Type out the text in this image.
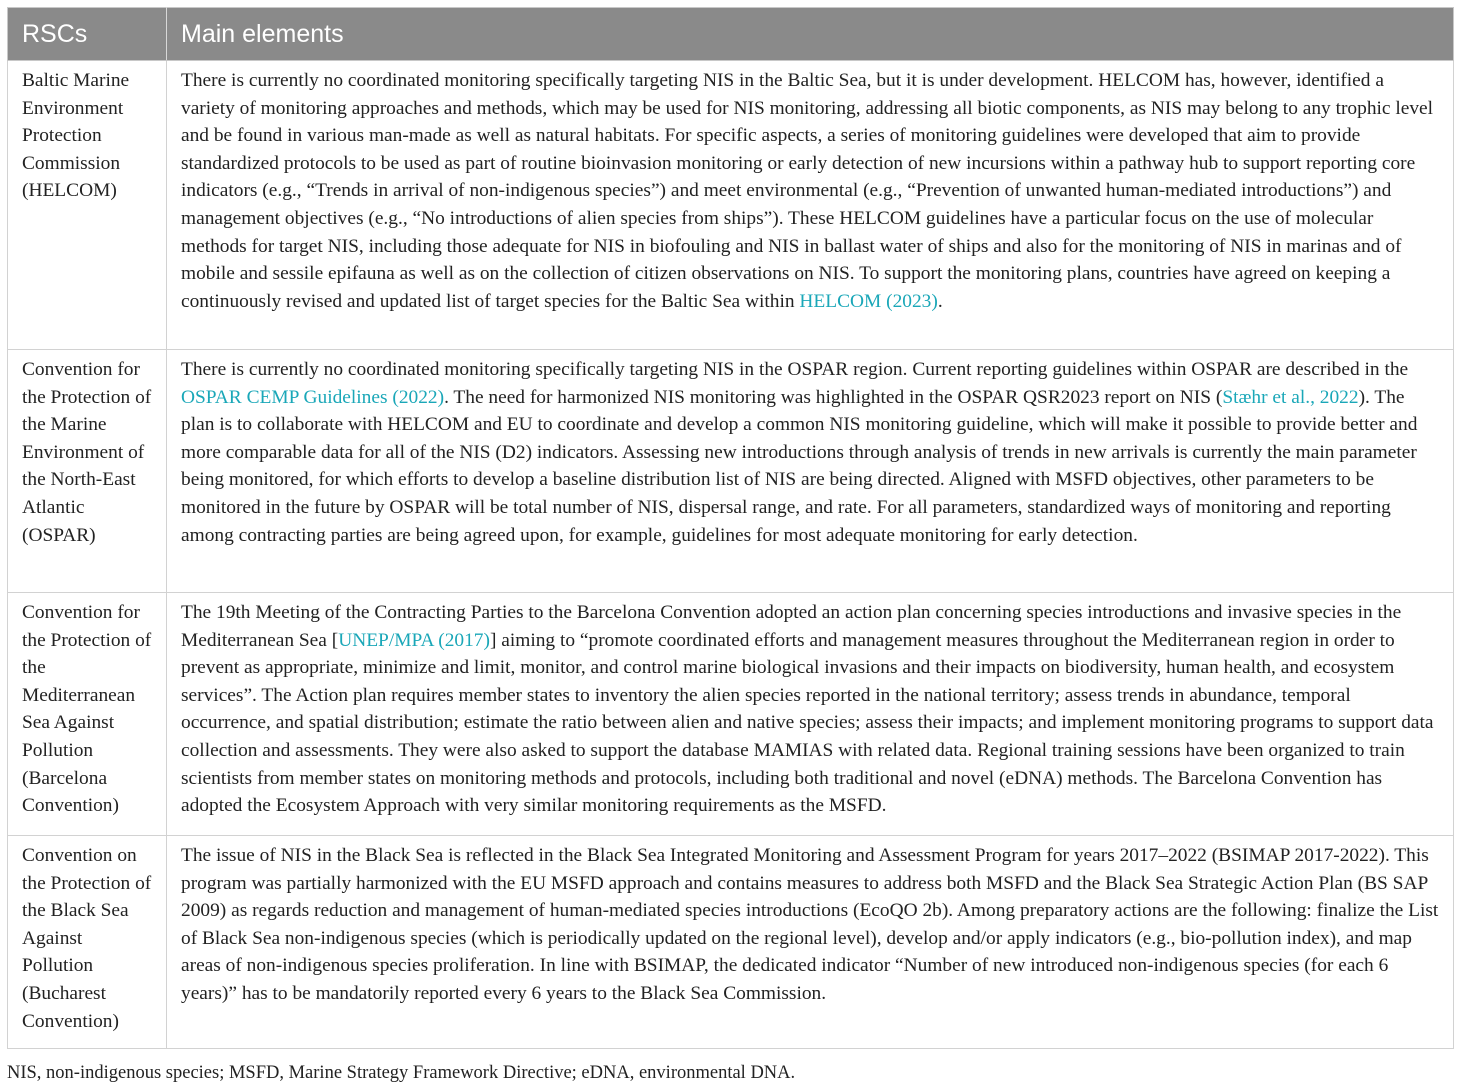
RSCs	Main elements
Baltic Marine Environment Protection Commission (HELCOM)	There is currently no coordinated monitoring specifically targeting NIS in the Baltic Sea, but it is under development. HELCOM has, however, identified a variety of monitoring approaches and methods, which may be used for NIS monitoring, addressing all biotic components, as NIS may belong to any trophic level and be found in various man-made as well as natural habitats. For specific aspects, a series of monitoring guidelines were developed that aim to provide standardized protocols to be used as part of routine bioinvasion monitoring or early detection of new incursions within a pathway hub to support reporting core indicators (e.g., “Trends in arrival of non-indigenous species”) and meet environmental (e.g., “Prevention of unwanted human-mediated introductions”) and management objectives (e.g., “No introductions of alien species from ships”). These HELCOM guidelines have a particular focus on the use of molecular methods for target NIS, including those adequate for NIS in biofouling and NIS in ballast water of ships and also for the monitoring of NIS in marinas and of mobile and sessile epifauna as well as on the collection of citizen observations on NIS. To support the monitoring plans, countries have agreed on keeping a continuously revised and updated list of target species for the Baltic Sea within HELCOM (2023).
Convention for the Protection of the Marine Environment of the North-East Atlantic (OSPAR)	There is currently no coordinated monitoring specifically targeting NIS in the OSPAR region. Current reporting guidelines within OSPAR are described in the OSPAR CEMP Guidelines (2022). The need for harmonized NIS monitoring was highlighted in the OSPAR QSR2023 report on NIS (Stæhr et al., 2022). The plan is to collaborate with HELCOM and EU to coordinate and develop a common NIS monitoring guideline, which will make it possible to provide better and more comparable data for all of the NIS (D2) indicators. Assessing new introductions through analysis of trends in new arrivals is currently the main parameter being monitored, for which efforts to develop a baseline distribution list of NIS are being directed. Aligned with MSFD objectives, other parameters to be monitored in the future by OSPAR will be total number of NIS, dispersal range, and rate. For all parameters, standardized ways of monitoring and reporting among contracting parties are being agreed upon, for example, guidelines for most adequate monitoring for early detection.
Convention for the Protection of the Mediterranean Sea Against Pollution (Barcelona Convention)	The 19th Meeting of the Contracting Parties to the Barcelona Convention adopted an action plan concerning species introductions and invasive species in the Mediterranean Sea [UNEP/MPA (2017)] aiming to “promote coordinated efforts and management measures throughout the Mediterranean region in order to prevent as appropriate, minimize and limit, monitor, and control marine biological invasions and their impacts on biodiversity, human health, and ecosystem services”. The Action plan requires member states to inventory the alien species reported in the national territory; assess trends in abundance, temporal occurrence, and spatial distribution; estimate the ratio between alien and native species; assess their impacts; and implement monitoring programs to support data collection and assessments. They were also asked to support the database MAMIAS with related data. Regional training sessions have been organized to train scientists from member states on monitoring methods and protocols, including both traditional and novel (eDNA) methods. The Barcelona Convention has adopted the Ecosystem Approach with very similar monitoring requirements as the MSFD.
Convention on the Protection of the Black Sea Against Pollution (Bucharest Convention)	The issue of NIS in the Black Sea is reflected in the Black Sea Integrated Monitoring and Assessment Program for years 2017–2022 (BSIMAP 2017-2022). This program was partially harmonized with the EU MSFD approach and contains measures to address both MSFD and the Black Sea Strategic Action Plan (BS SAP 2009) as regards reduction and management of human-mediated species introductions (EcoQO 2b). Among preparatory actions are the following: finalize the List of Black Sea non-indigenous species (which is periodically updated on the regional level), develop and/or apply indicators (e.g., bio-pollution index), and map areas of non-indigenous species proliferation. In line with BSIMAP, the dedicated indicator “Number of new introduced non-indigenous species (for each 6 years)” has to be mandatorily reported every 6 years to the Black Sea Commission.
NIS, non-indigenous species; MSFD, Marine Strategy Framework Directive; eDNA, environmental DNA.
